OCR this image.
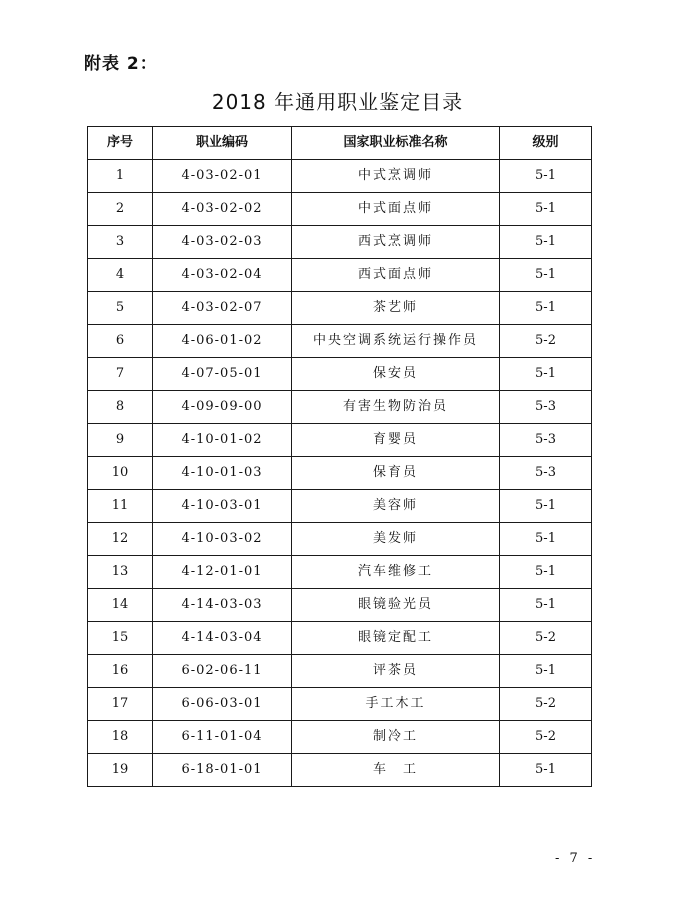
附表 2：
2018 年通用职业鉴定目录
序号	职业编码	国家职业标准名称	级别
1	4-03-02-01	中式烹调师	5-1
2	4-03-02-02	中式面点师	5-1
3	4-03-02-03	西式烹调师	5-1
4	4-03-02-04	西式面点师	5-1
5	4-03-02-07	茶艺师	5-1
6	4-06-01-02	中央空调系统运行操作员	5-2
7	4-07-05-01	保安员	5-1
8	4-09-09-00	有害生物防治员	5-3
9	4-10-01-02	育婴员	5-3
10	4-10-01-03	保育员	5-3
11	4-10-03-01	美容师	5-1
12	4-10-03-02	美发师	5-1
13	4-12-01-01	汽车维修工	5-1
14	4-14-03-03	眼镜验光员	5-1
15	4-14-03-04	眼镜定配工	5-2
16	6-02-06-11	评茶员	5-1
17	6-06-03-01	手工木工	5-2
18	6-11-01-04	制冷工	5-2
19	6-18-01-01	车　工	5-1
- 7 -
